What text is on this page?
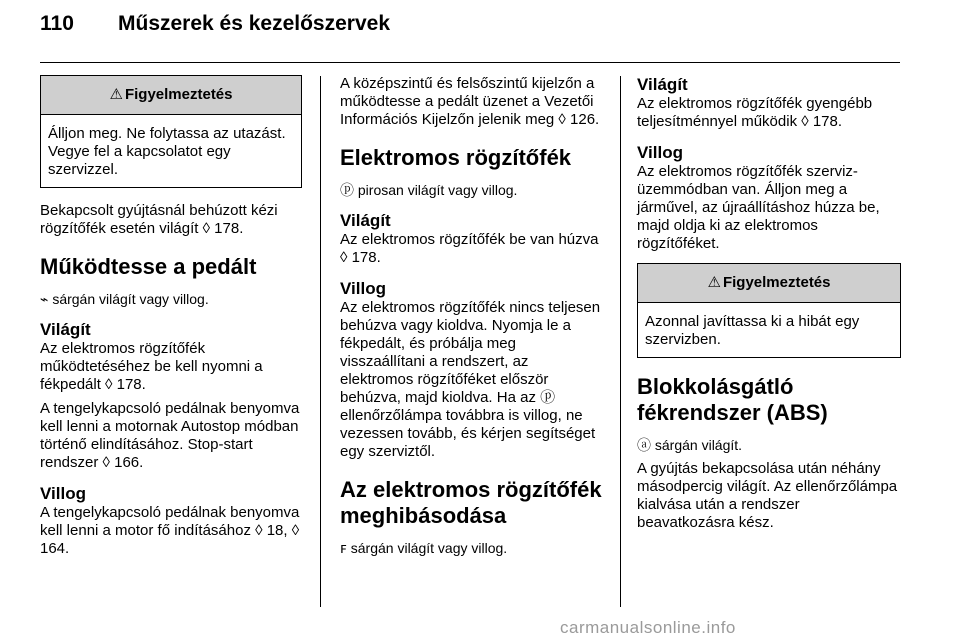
110 Műszerek és kezelőszervek
⚠ Figyelmeztetés
Álljon meg. Ne folytassa az utazást. Vegye fel a kapcsolatot egy szervizzel.

Bekapcsolt gyújtásnál behúzott kézi rögzítőfék esetén világít ◊ 178.

Működtesse a pedált

⌁ sárgán világít vagy villog.

Világít

Az elektromos rögzítőfék működtetéséhez be kell nyomni a fékpedált ◊ 178.

A tengelykapcsoló pedálnak benyomva kell lenni a motornak Autostop módban történő elindításához. Stop-start rendszer ◊ 166.

Villog

A tengelykapcsoló pedálnak benyomva kell lenni a motor fő indításához ◊ 18, ◊ 164.

A középszintű és felsőszintű kijelzőn a működtesse a pedált üzenet a Vezetői Információs Kijelzőn jelenik meg ◊ 126.

Elektromos rögzítőfék

ⓟ pirosan világít vagy villog.

Világít

Az elektromos rögzítőfék be van húzva ◊ 178.

Villog

Az elektromos rögzítőfék nincs teljesen behúzva vagy kioldva. Nyomja le a fékpedált, és próbálja meg visszaállítani a rendszert, az elektromos rögzítőféket először behúzva, majd kioldva. Ha az ⓟ ellenőrzőlámpa továbbra is villog, ne vezessen tovább, és kérjen segítséget egy szerviztől.

Az elektromos rögzítőfék meghibásodása

ꜰ sárgán világít vagy villog.

Világít

Az elektromos rögzítőfék gyengébb teljesítménnyel működik ◊ 178.

Villog

Az elektromos rögzítőfék szerviz-üzemmódban van. Álljon meg a járművel, az újraállításhoz húzza be, majd oldja ki az elektromos rögzítőféket.

⚠ Figyelmeztetés
Azonnal javíttassa ki a hibát egy szervizben.
Blokkolásgátló fékrendszer (ABS)

ⓐ sárgán világít.

A gyújtás bekapcsolása után néhány másodpercig világít. Az ellenőrzőlámpa kialvása után a rendszer beavatkozásra kész.

carmanualsonline.info
